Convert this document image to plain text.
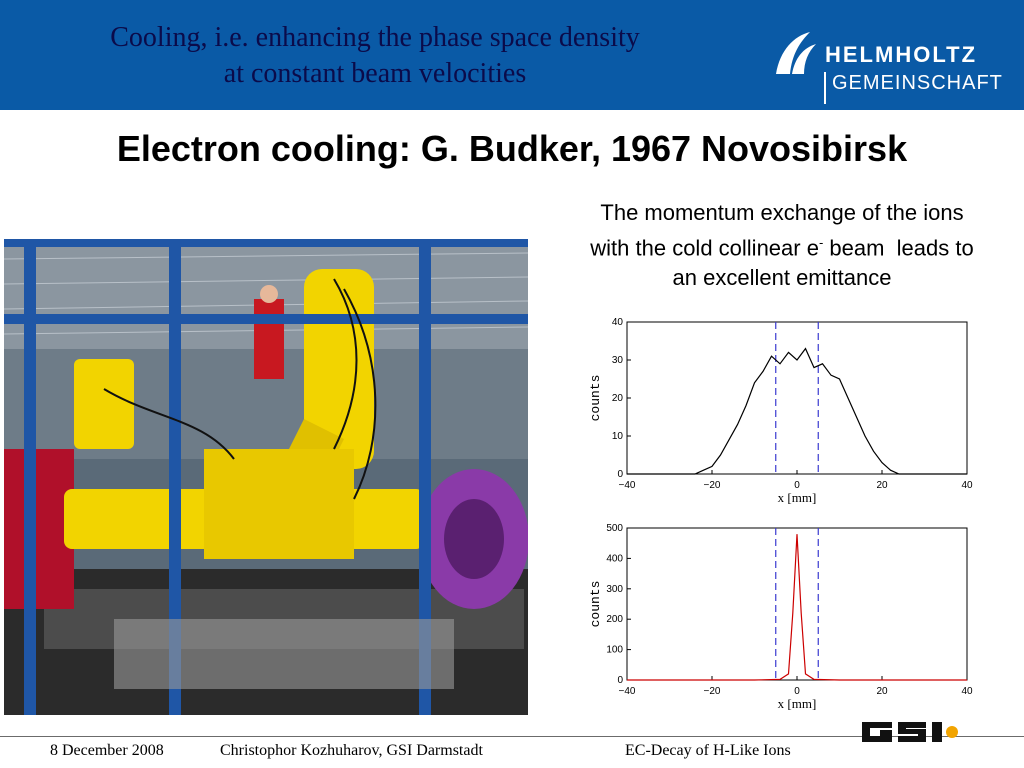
Cooling, i.e. enhancing the phase space density
at constant beam velocities
HELMHOLTZ
GEMEINSCHAFT
Electron cooling: G. Budker, 1967 Novosibirsk
The momentum exchange of the ions
with the cold collinear e- beam  leads to
an excellent emittance
−40	−20	0	20	40
0
10
20
30
40
x [mm]
counts
−40	−20	0	20	40
0
100
200
300
400
500
x [mm]
counts
8 December 2008	Christophor Kozhuharov, GSI Darmstadt	EC-Decay of H-Like Ions
